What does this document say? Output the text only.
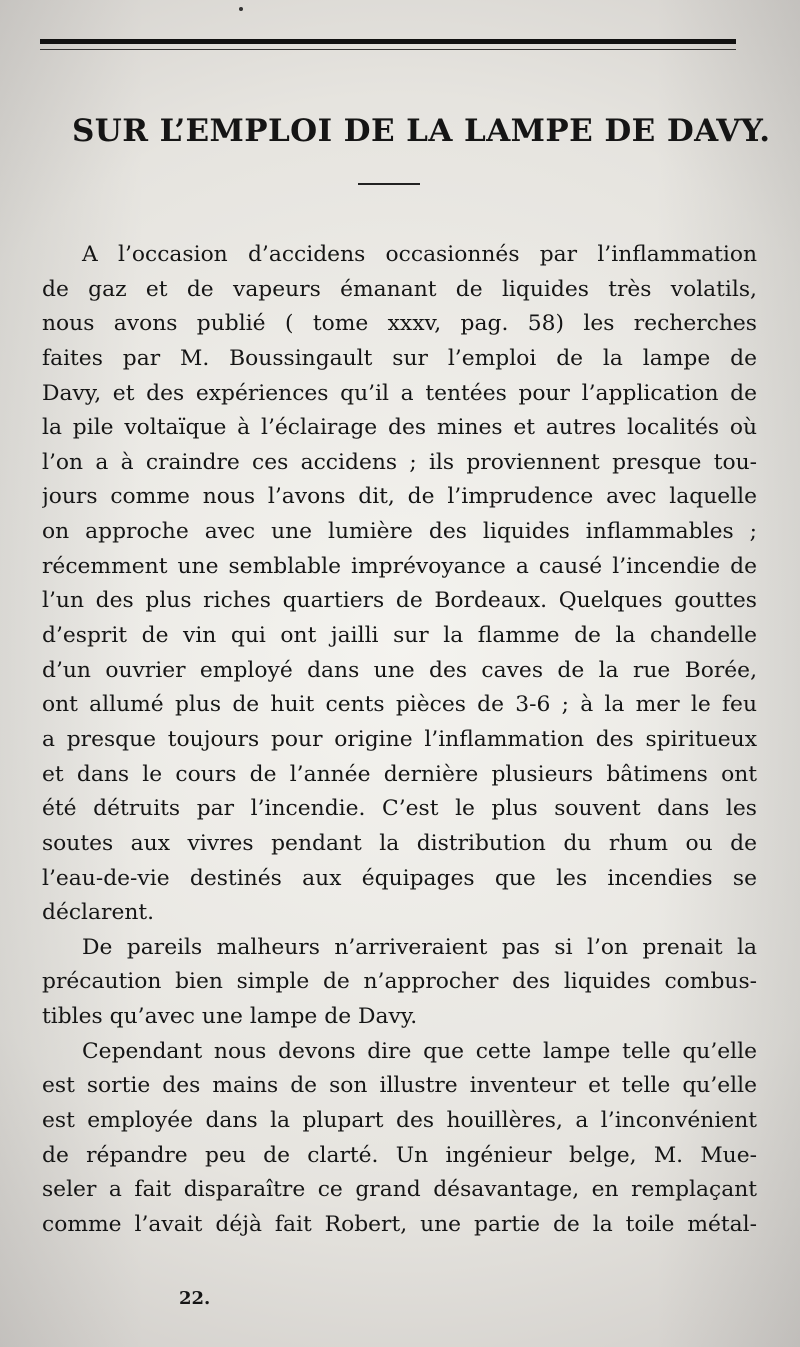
SUR L’EMPLOI DE LA LAMPE DE DAVY.
A l’occasion d’accidens occasionnés par l’inflammation
de gaz et de vapeurs émanant de liquides très volatils,
nous avons publié ( tome xxxv, pag. 58) les recherches
faites par M. Boussingault sur l’emploi de la lampe de
Davy, et des expériences qu’il a tentées pour l’application de
la pile voltaïque à l’éclairage des mines et autres localités où
l’on a à craindre ces accidens ; ils proviennent presque tou-
jours comme nous l’avons dit, de l’imprudence avec laquelle
on approche avec une lumière des liquides inflammables ;
récemment une semblable imprévoyance a causé l’incendie de
l’un des plus riches quartiers de Bordeaux. Quelques gouttes
d’esprit de vin qui ont jailli sur la flamme de la chandelle
d’un ouvrier employé dans une des caves de la rue Borée,
ont allumé plus de huit cents pièces de 3-6 ; à la mer le feu
a presque toujours pour origine l’inflammation des spiritueux
et dans le cours de l’année dernière plusieurs bâtimens ont
été détruits par l’incendie. C’est le plus souvent dans les
soutes aux vivres pendant la distribution du rhum ou de
l’eau-de-vie destinés aux équipages que les incendies se
déclarent.
De pareils malheurs n’arriveraient pas si l’on prenait la
précaution bien simple de n’approcher des liquides combus-
tibles qu’avec une lampe de Davy.
Cependant nous devons dire que cette lampe telle qu’elle
est sortie des mains de son illustre inventeur et telle qu’elle
est employée dans la plupart des houillères, a l’inconvénient
de répandre peu de clarté. Un ingénieur belge, M. Mue-
seler a fait disparaître ce grand désavantage, en remplaçant
comme l’avait déjà fait Robert, une partie de la toile métal-
22.
